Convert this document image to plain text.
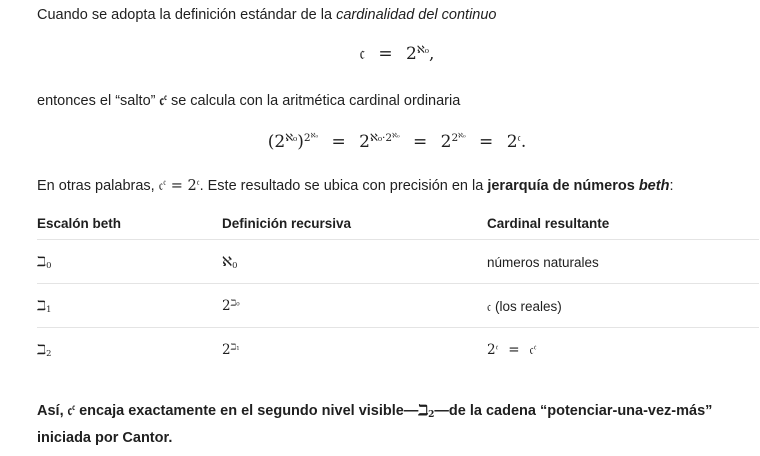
Cuando se adopta la definición estándar de la cardinalidad del continuo
𝔠 = $2^{ℵ_0}$,
entonces el “salto” 𝔠$^𝔠$ se calcula con la aritmética cardinal ordinaria
$(2^{ℵ_0})^{2^{ℵ_0}} = 2^{ℵ_0\cdot 2^{ℵ_0}} = 2^{2^{ℵ_0}} = 2^𝔠$.
En otras palabras, 𝔠$^𝔠$ = $2^𝔠$. Este resultado se ubica con precisión en la jerarquía de números beth:
Escalón beth	Definición recursiva	Cardinal resultante
ℶ$_0$	ℵ$_0$	números naturales
ℶ$_1$	$2^{ℶ_0}$	𝔠 (los reales)
ℶ$_2$	$2^{ℶ_1}$	$2^𝔠$ = 𝔠$^𝔠$
Así, 𝔠$^𝔠$ encaja exactamente en el segundo nivel visible—ℶ$_2$—de la cadena “potenciar-una-vez-más”
iniciada por Cantor.
